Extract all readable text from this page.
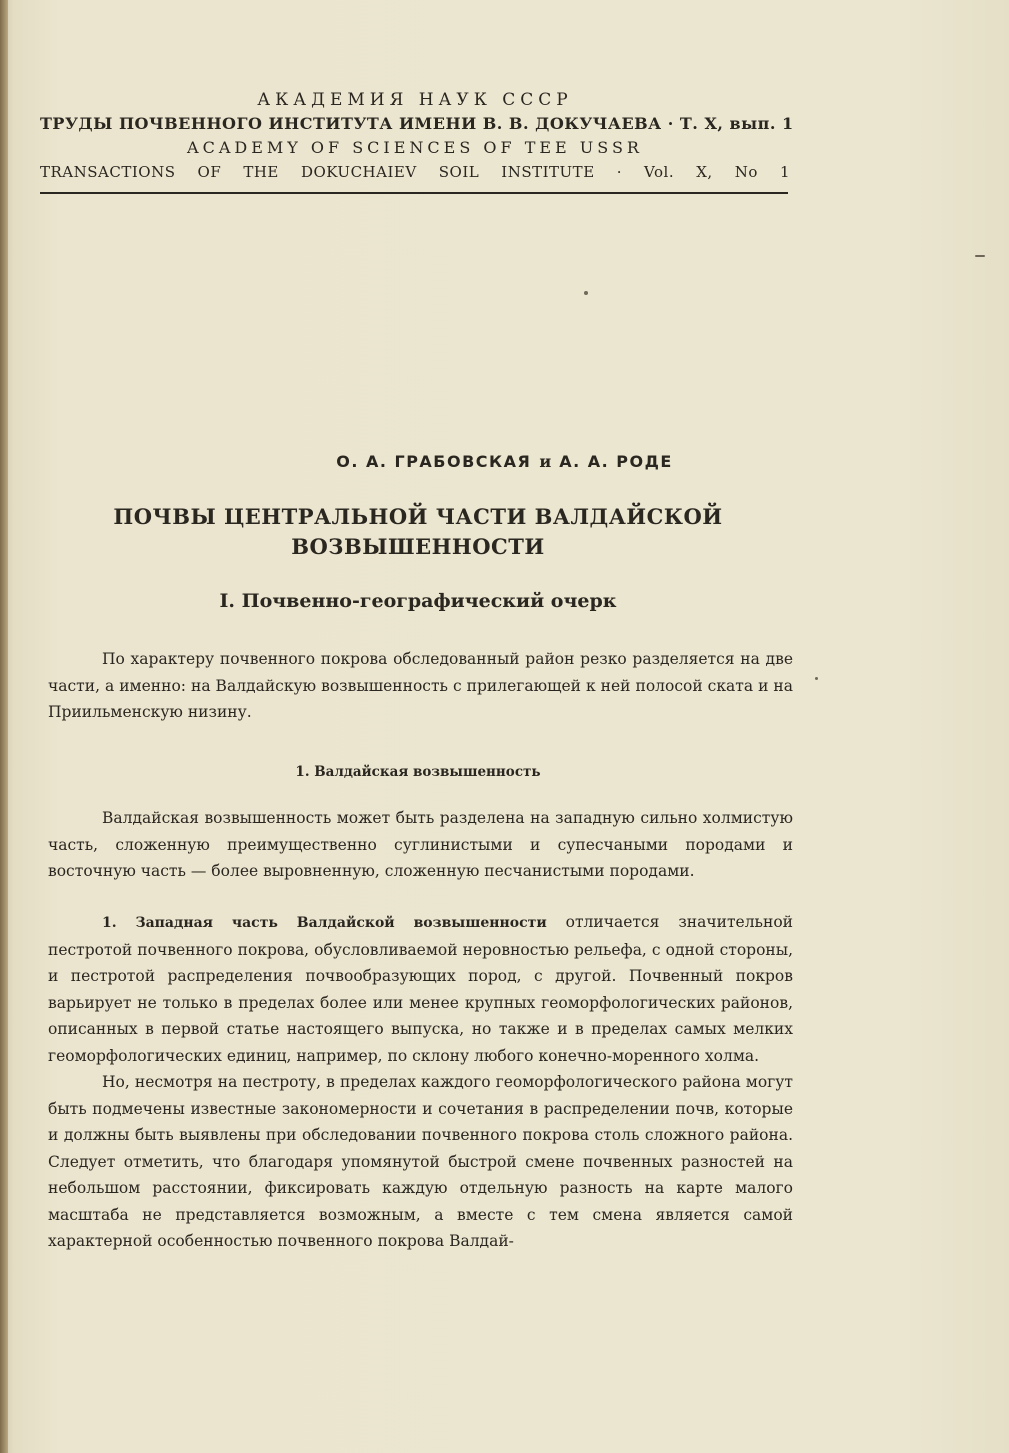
АКАДЕМИЯ НАУК СССР
ТРУДЫ ПОЧВЕННОГО ИНСТИТУТА ИМЕНИ В. В. ДОКУЧАЕВА · Т. X, вып. 1
ACADEMY OF SCIENCES OF TEE USSR
TRANSACTIONS OF THE DOKUCHAIEV SOIL INSTITUTE · Vol. X, No 1
О. А. ГРАБОВСКАЯ и А. А. РОДЕ
ПОЧВЫ ЦЕНТРАЛЬНОЙ ЧАСТИ ВАЛДАЙСКОЙ
ВОЗВЫШЕННОСТИ
I. Почвенно-географический очерк

По характеру почвенного покрова обследованный район резко разделяется на две части, а именно: на Валдайскую возвышенность с прилегающей к ней полосой ската и на Приильменскую низину.

1. Валдайская возвышенность

Валдайская возвышенность может быть разделена на западную сильно холмистую часть, сложенную преимущественно суглинистыми и супесчаными породами и восточную часть — более выровненную, сложенную песчанистыми породами.

1. Западная часть Валдайской возвышенности отличается значительной пестротой почвенного покрова, обусловливаемой неровностью рельефа, с одной стороны, и пестротой распределения почвообразующих пород, с другой. Почвенный покров варьирует не только в пределах более или менее крупных геоморфологических районов, описанных в первой статье настоящего выпуска, но также и в пределах самых мелких геоморфологических единиц, например, по склону любого конечно-моренного холма.

Но, несмотря на пестроту, в пределах каждого геоморфологического района могут быть подмечены известные закономерности и сочетания в распределении почв, которые и должны быть выявлены при обследовании почвенного покрова столь сложного района. Следует отметить, что благодаря упомянутой быстрой смене почвенных разностей на небольшом расстоянии, фиксировать каждую отдельную разность на карте малого масштаба не представляется возможным, а вместе с тем смена является самой характерной особенностью почвенного покрова Валдай-
